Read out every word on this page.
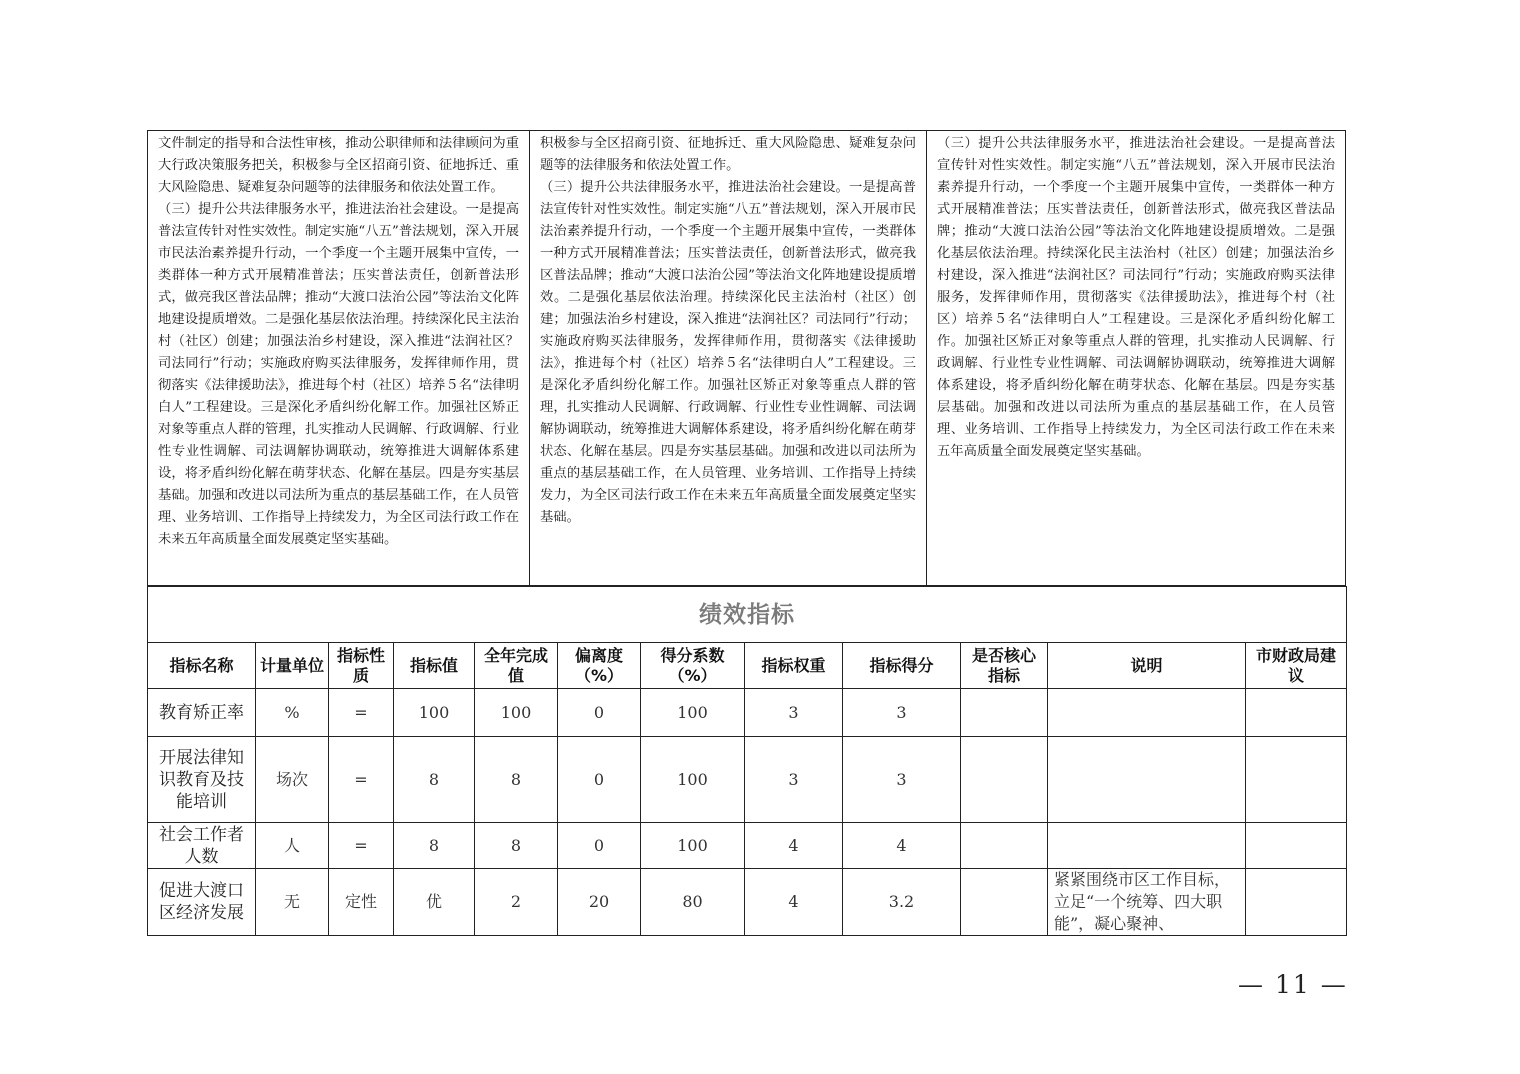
文件制定的指导和合法性审核，推动公职律师和法律顾问为重大行政决策服务把关，积极参与全区招商引资、征地拆迁、重大风险隐患、疑难复杂问题等的法律服务和依法处置工作。

（三）提升公共法律服务水平，推进法治社会建设。一是提高普法宣传针对性实效性。制定实施“八五”普法规划，深入开展市民法治素养提升行动，一个季度一个主题开展集中宣传，一类群体一种方式开展精准普法；压实普法责任，创新普法形式，做亮我区普法品牌；推动“大渡口法治公园”等法治文化阵地建设提质增效。二是强化基层依法治理。持续深化民主法治村（社区）创建；加强法治乡村建设，深入推进“法润社区？司法同行”行动；实施政府购买法律服务，发挥律师作用，贯彻落实《法律援助法》，推进每个村（社区）培养５名“法律明白人”工程建设。三是深化矛盾纠纷化解工作。加强社区矫正对象等重点人群的管理，扎实推动人民调解、行政调解、行业性专业性调解、司法调解协调联动，统筹推进大调解体系建设，将矛盾纠纷化解在萌芽状态、化解在基层。四是夯实基层基础。加强和改进以司法所为重点的基层基础工作，在人员管理、业务培训、工作指导上持续发力，为全区司法行政工作在未来五年高质量全面发展奠定坚实基础。

积极参与全区招商引资、征地拆迁、重大风险隐患、疑难复杂问题等的法律服务和依法处置工作。

（三）提升公共法律服务水平，推进法治社会建设。一是提高普法宣传针对性实效性。制定实施“八五”普法规划，深入开展市民法治素养提升行动，一个季度一个主题开展集中宣传，一类群体一种方式开展精准普法；压实普法责任，创新普法形式，做亮我区普法品牌；推动“大渡口法治公园”等法治文化阵地建设提质增效。二是强化基层依法治理。持续深化民主法治村（社区）创建；加强法治乡村建设，深入推进“法润社区？司法同行”行动；实施政府购买法律服务，发挥律师作用，贯彻落实《法律援助法》，推进每个村（社区）培养５名“法律明白人”工程建设。三是深化矛盾纠纷化解工作。加强社区矫正对象等重点人群的管理，扎实推动人民调解、行政调解、行业性专业性调解、司法调解协调联动，统筹推进大调解体系建设，将矛盾纠纷化解在萌芽状态、化解在基层。四是夯实基层基础。加强和改进以司法所为重点的基层基础工作，在人员管理、业务培训、工作指导上持续发力，为全区司法行政工作在未来五年高质量全面发展奠定坚实基础。

（三）提升公共法律服务水平，推进法治社会建设。一是提高普法宣传针对性实效性。制定实施“八五”普法规划，深入开展市民法治素养提升行动，一个季度一个主题开展集中宣传，一类群体一种方式开展精准普法；压实普法责任，创新普法形式，做亮我区普法品牌；推动“大渡口法治公园”等法治文化阵地建设提质增效。二是强化基层依法治理。持续深化民主法治村（社区）创建；加强法治乡村建设，深入推进“法润社区？司法同行”行动；实施政府购买法律服务，发挥律师作用，贯彻落实《法律援助法》，推进每个村（社区）培养５名“法律明白人”工程建设。三是深化矛盾纠纷化解工作。加强社区矫正对象等重点人群的管理，扎实推动人民调解、行政调解、行业性专业性调解、司法调解协调联动，统筹推进大调解体系建设，将矛盾纠纷化解在萌芽状态、化解在基层。四是夯实基层基础。加强和改进以司法所为重点的基层基础工作，在人员管理、业务培训、工作指导上持续发力，为全区司法行政工作在未来五年高质量全面发展奠定坚实基础。

绩效指标											
指标名称	计量单位	指标性质	指标值	全年完成值	偏离度（%）	得分系数（%）	指标权重	指标得分	是否核心指标	说明	市财政局建议
教育矫正率	%	=	100	100	0	100	3	3			
开展法律知识教育及技能培训	场次	=	8	8	0	100	3	3			
社会工作者人数	人	=	8	8	0	100	4	4			
促进大渡口区经济发展	无	定性	优	2	20	80	4	3.2		紧紧围绕市区工作目标，立足“一个统筹、四大职能”，凝心聚神、	
— 11 —
